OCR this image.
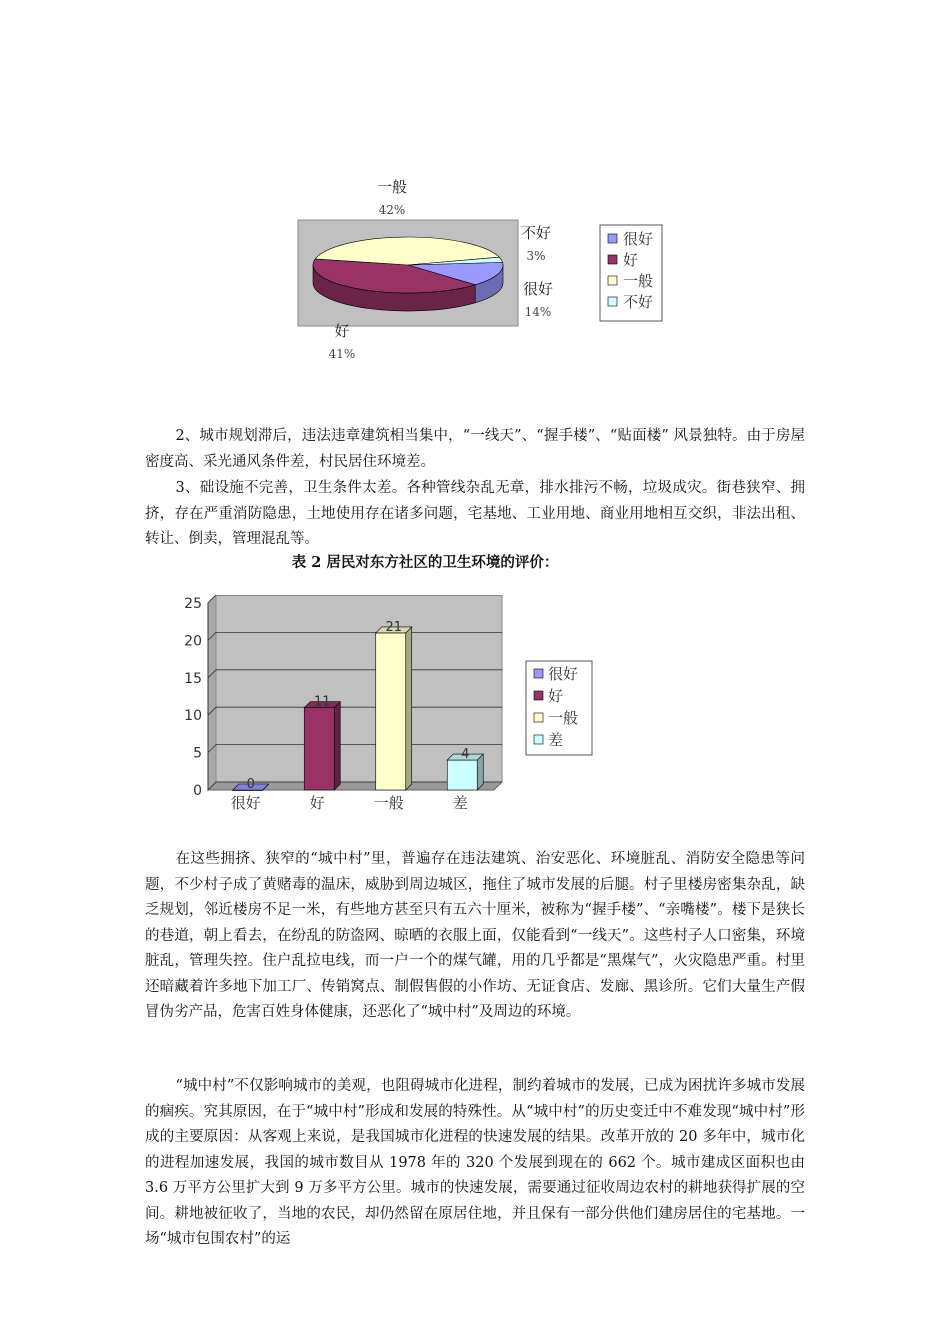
很好
14%
好
41%
一般
42%
不好
3%
很好
好
一般
不好
2、城市规划滞后，违法违章建筑相当集中，“一线天”、“握手楼”、“贴面楼” 风景独特。由于房屋密度高、采光通风条件差，村民居住环境差。
3、础设施不完善，卫生条件太差。各种管线杂乱无章，排水排污不畅，垃圾成灾。街巷狭窄、拥挤，存在严重消防隐患，土地使用存在诸多问题，宅基地、工业用地、商业用地相互交织，非法出租、转让、倒卖，管理混乱等。
表 2 居民对东方社区的卫生环境的评价：
0
5
10
15
20
25
0
很好
11
好
21
一般
4
差
很好
好
一般
差
在这些拥挤、狭窄的“城中村”里，普遍存在违法建筑、治安恶化、环境脏乱、消防安全隐患等问题，不少村子成了黄赌毒的温床，威胁到周边城区，拖住了城市发展的后腿。村子里楼房密集杂乱，缺乏规划，邻近楼房不足一米，有些地方甚至只有五六十厘米，被称为“握手楼”、“亲嘴楼”。楼下是狭长的巷道，朝上看去，在纷乱的防盗网、晾晒的衣服上面，仅能看到“一线天”。这些村子人口密集，环境脏乱，管理失控。住户乱拉电线，而一户一个的煤气罐，用的几乎都是“黑煤气”，火灾隐患严重。村里还暗藏着许多地下加工厂、传销窝点、制假售假的小作坊、无证食店、发廊、黑诊所。它们大量生产假冒伪劣产品，危害百姓身体健康，还恶化了“城中村”及周边的环境。
“城中村”不仅影响城市的美观，也阻碍城市化进程，制约着城市的发展，已成为困扰许多城市发展的痼疾。究其原因，在于“城中村”形成和发展的特殊性。从“城中村”的历史变迁中不难发现“城中村”形成的主要原因：从客观上来说，是我国城市化进程的快速发展的结果。改革开放的 20 多年中，城市化的进程加速发展，我国的城市数目从 1978 年的 320 个发展到现在的 662 个。城市建成区面积也由 3.6 万平方公里扩大到 9 万多平方公里。城市的快速发展，需要通过征收周边农村的耕地获得扩展的空间。耕地被征收了，当地的农民，却仍然留在原居住地，并且保有一部分供他们建房居住的宅基地。一场“城市包围农村”的运
